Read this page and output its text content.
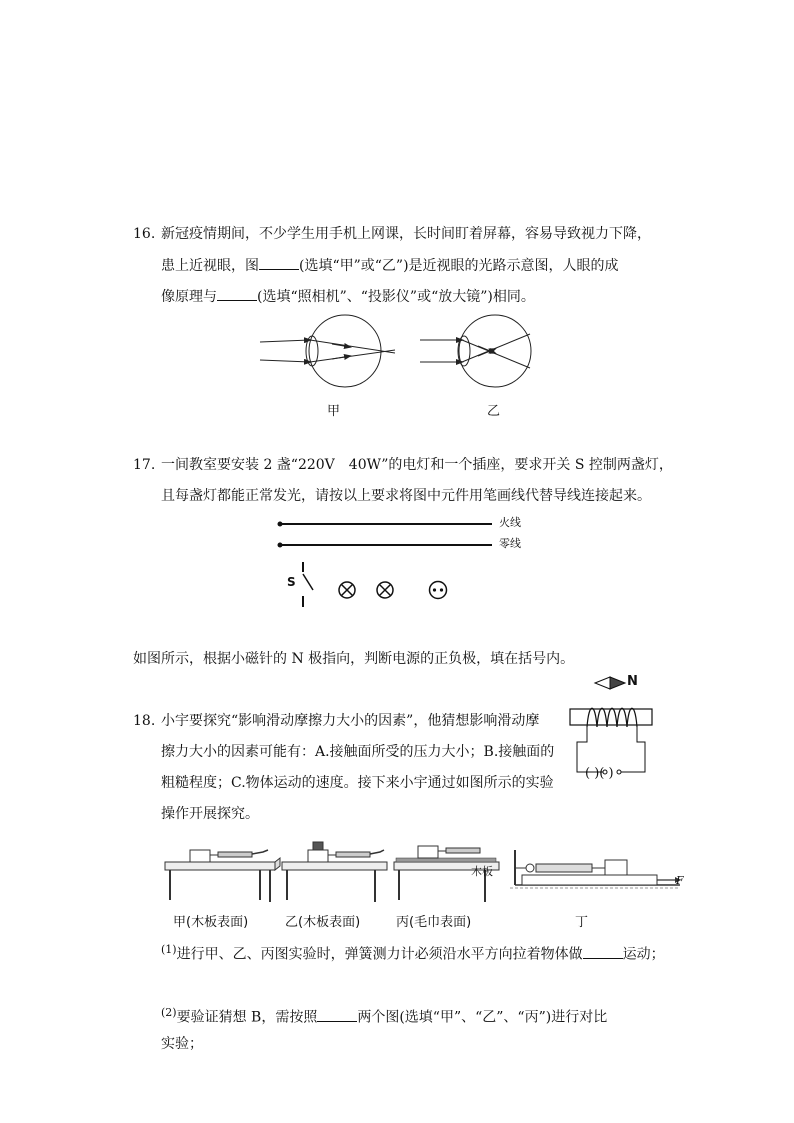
16. 新冠疫情期间，不少学生用手机上网课，长时间盯着屏幕，容易导致视力下降，
患上近视眼，图	(选填“甲”或“乙”)是近视眼的光路示意图，人眼的成
像原理与	(选填“照相机”、“投影仪”或“放大镜”)相同。
甲	乙
17. 一间教室要安装 2 盏“220V　40W”的电灯和一个插座，要求开关 S 控制两盏灯，
且每盏灯都能正常发光，请按以上要求将图中元件用笔画线代替导线连接起来。
火线
零线
S
如图所示，根据小磁针的 N 极指向，判断电源的正负极，填在括号内。
N
( )( )
18. 小宇要探究“影响滑动摩擦力大小的因素”，他猜想影响滑动摩
擦力大小的因素可能有：A.接触面所受的压力大小；B.接触面的
粗糙程度；C.物体运动的速度。接下来小宇通过如图所示的实验
操作开展探究。
木板
F
甲(木板表面)	乙(木板表面)	丙(毛巾表面)	丁
$^{(1)}$进行甲、乙、丙图实验时，弹簧测力计必须沿水平方向拉着物体做	运动；
$^{(2)}$要验证猜想 B，需按照	两个图(选填“甲”、“乙”、“丙”)进行对比
实验；
